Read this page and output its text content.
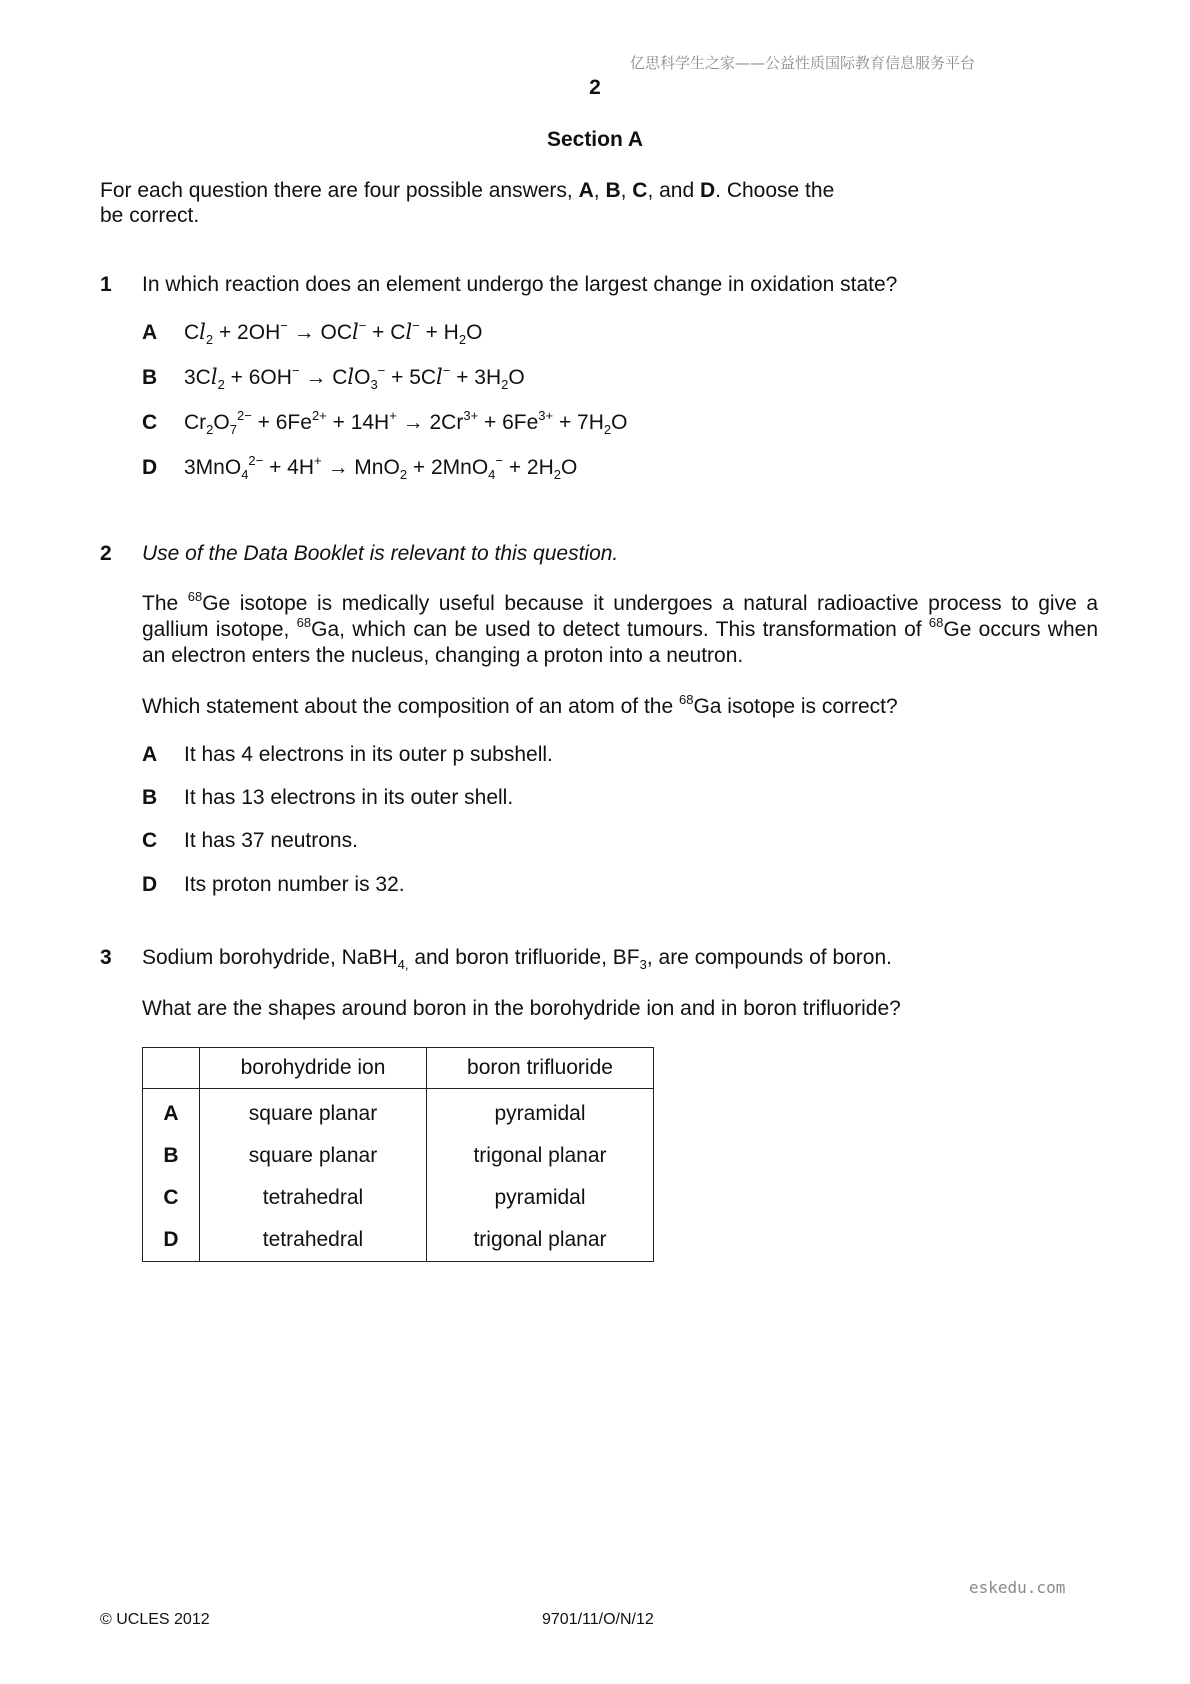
亿思科学生之家——公益性质国际教育信息服务平台
2
Section A
For each question there are four possible answers, A, B, C, and D. Choose the
be correct.
1 In which reaction does an element undergo the largest change in oxidation state?
A $Cl_2 + 2OH^- \to OCl^- + Cl^- + H_2O$
B $3Cl_2 + 6OH^- \to ClO_3^- + 5Cl^- + 3H_2O$
C $Cr_2O_7^{2-} + 6Fe^{2+} + 14H^+ \to 2Cr^{3+} + 6Fe^{3+} + 7H_2O$
D $3MnO_4^{2-} + 4H^+ \to MnO_2 + 2MnO_4^- + 2H_2O$
2 Use of the Data Booklet is relevant to this question.
The $^{68}$Ge isotope is medically useful because it undergoes a natural radioactive process to give a gallium isotope, $^{68}$Ga, which can be used to detect tumours. This transformation of $^{68}$Ge occurs when an electron enters the nucleus, changing a proton into a neutron.
Which statement about the composition of an atom of the $^{68}$Ga isotope is correct?
A It has 4 electrons in its outer p subshell.
B It has 13 electrons in its outer shell.
C It has 37 neutrons.
D Its proton number is 32.
3 Sodium borohydride, NaBH$_{4,}$ and boron trifluoride, $BF_3$, are compounds of boron.
What are the shapes around boron in the borohydride ion and in boron trifluoride?
	borohydride ion	boron trifluoride
A	square planar	pyramidal
B	square planar	trigonal planar
C	tetrahedral	pyramidal
D	tetrahedral	trigonal planar
eskedu.com
© UCLES 2012	9701/11/O/N/12
